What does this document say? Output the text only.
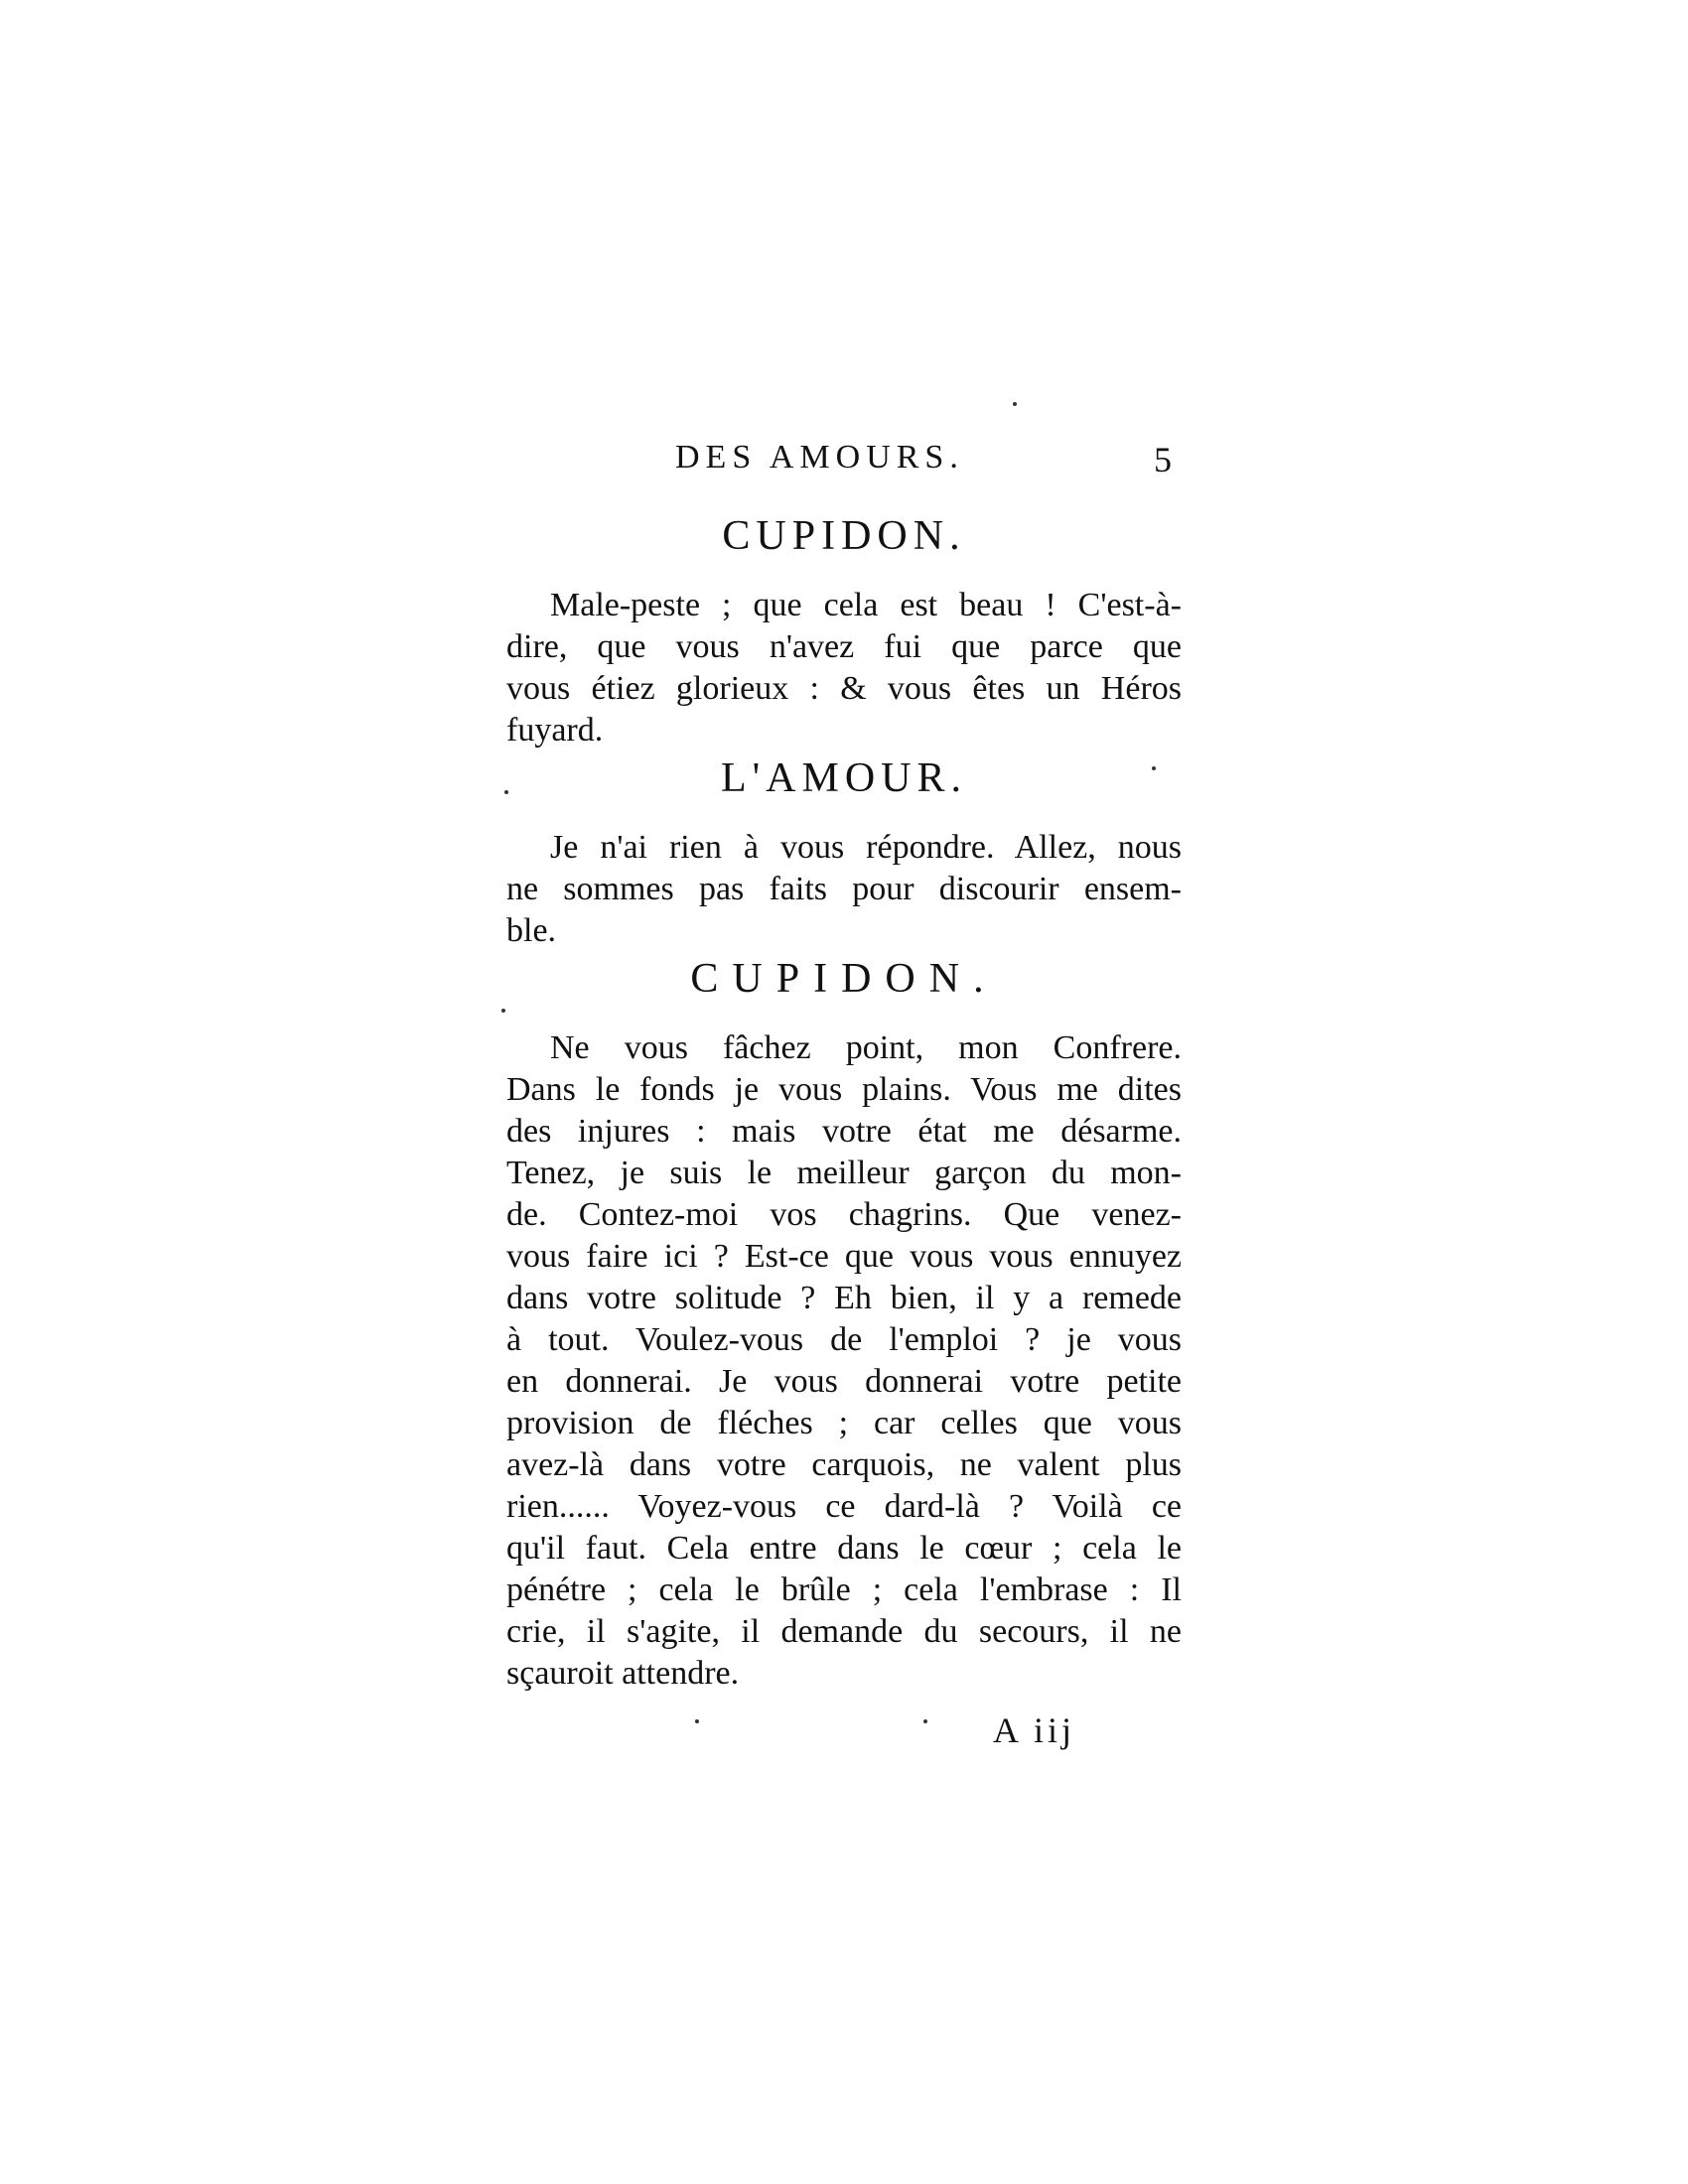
DES AMOURS.	5
CUPIDON.
Male-peste ; que cela est beau ! C'est-à-
dire, que vous n'avez fui que parce que
vous étiez glorieux : & vous êtes un Héros
fuyard.
L'AMOUR.
Je n'ai rien à vous répondre. Allez, nous
ne sommes pas faits pour discourir ensem-
ble.
CUPIDON.
Ne vous fâchez point, mon Confrere.
Dans le fonds je vous plains. Vous me dites
des injures : mais votre état me désarme.
Tenez, je suis le meilleur garçon du mon-
de. Contez-moi vos chagrins. Que venez-
vous faire ici ? Est-ce que vous vous ennuyez
dans votre solitude ? Eh bien, il y a remede
à tout. Voulez-vous de l'emploi ? je vous
en donnerai. Je vous donnerai votre petite
provision de fléches ; car celles que vous
avez-là dans votre carquois, ne valent plus
rien...... Voyez-vous ce dard-là ? Voilà ce
qu'il faut. Cela entre dans le cœur ; cela le
pénétre ; cela le brûle ; cela l'embrase : Il
crie, il s'agite, il demande du secours, il ne
sçauroit attendre.
A iij
